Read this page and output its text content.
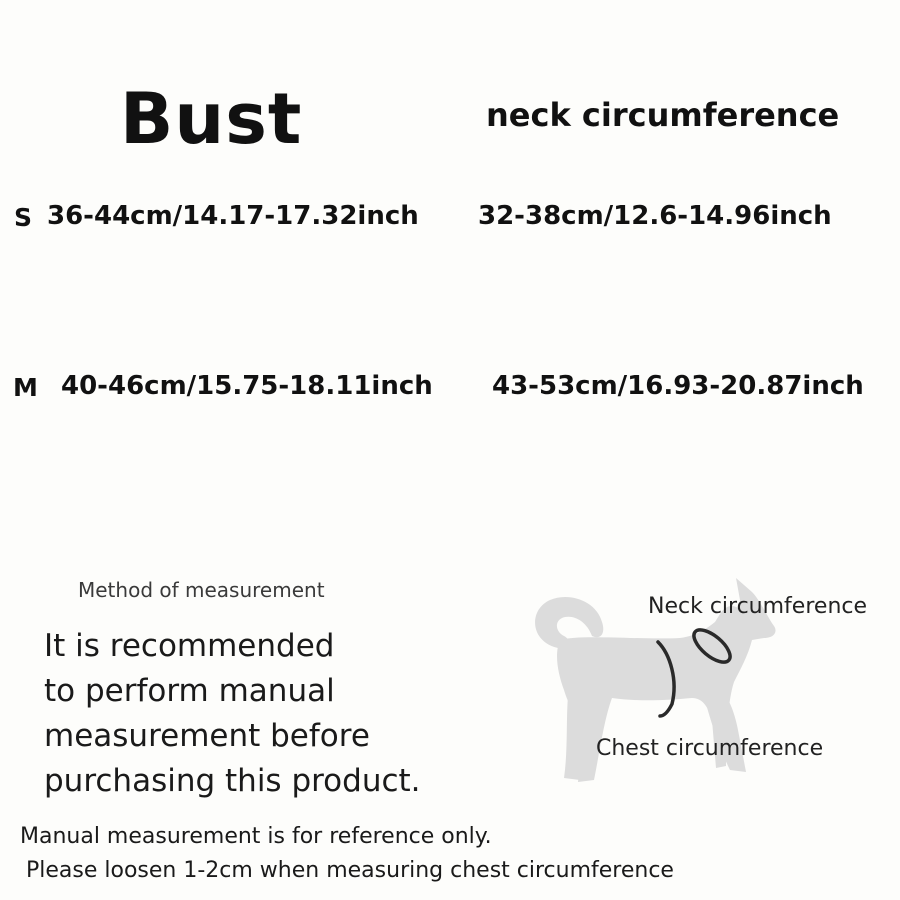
Bust	neck circumference
S 36-44cm/14.17-17.32inch 32-38cm/12.6-14.96inch
M 40-46cm/15.75-18.11inch 43-53cm/16.93-20.87inch
Method of measurement
It is recommended
to perform manual
measurement before
purchasing this product.
Neck circumference
Chest circumference
Manual measurement is for reference only.
Please loosen 1-2cm when measuring chest circumference
